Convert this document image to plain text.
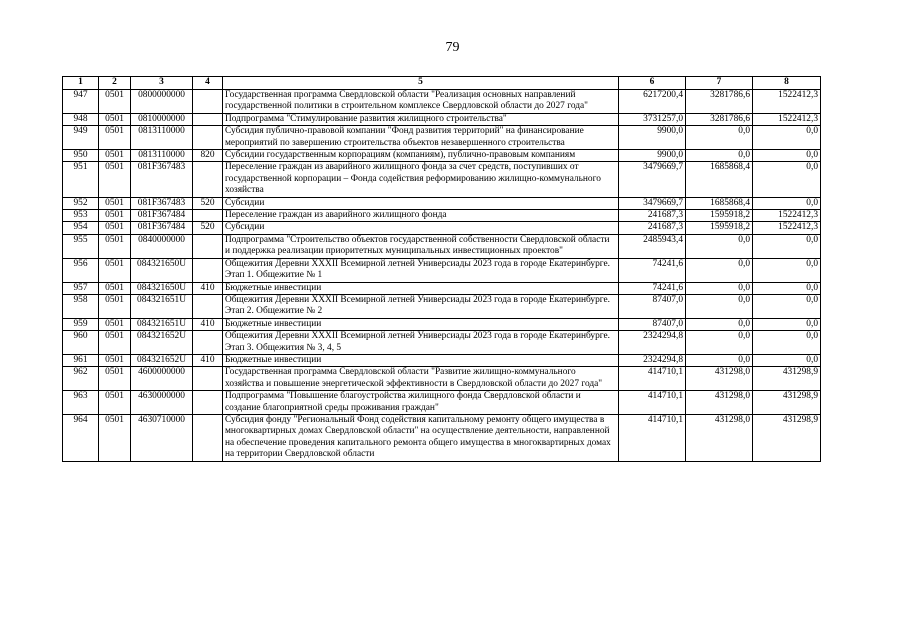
79
1	2	3	4	5	6	7	8
947	0501	0800000000		Государственная программа Свердловской области "Реализация основных направлений государственной политики в строительном комплексе Свердловской области до 2027 года"	6217200,4	3281786,6	1522412,3
948	0501	0810000000		Подпрограмма "Стимулирование развития жилищного строительства"	3731257,0	3281786,6	1522412,3
949	0501	0813110000		Субсидия публично-правовой компании "Фонд развития территорий" на финансирование мероприятий по завершению строительства объектов незавершенного строительства	9900,0	0,0	0,0
950	0501	0813110000	820	Субсидии государственным корпорациям (компаниям), публично-правовым компаниям	9900,0	0,0	0,0
951	0501	081F367483		Переселение граждан из аварийного жилищного фонда за счет средств, поступивших от государственной корпорации – Фонда содействия реформированию жилищно-коммунального хозяйства	3479669,7	1685868,4	0,0
952	0501	081F367483	520	Субсидии	3479669,7	1685868,4	0,0
953	0501	081F367484		Переселение граждан из аварийного жилищного фонда	241687,3	1595918,2	1522412,3
954	0501	081F367484	520	Субсидии	241687,3	1595918,2	1522412,3
955	0501	0840000000		Подпрограмма "Строительство объектов государственной собственности Свердловской области и поддержка реализации приоритетных муниципальных инвестиционных проектов"	2485943,4	0,0	0,0
956	0501	084321650U		Общежития Деревни XXXII Всемирной летней Универсиады 2023 года в городе Екатеринбурге. Этап 1. Общежитие № 1	74241,6	0,0	0,0
957	0501	084321650U	410	Бюджетные инвестиции	74241,6	0,0	0,0
958	0501	084321651U		Общежития Деревни XXXII Всемирной летней Универсиады 2023 года в городе Екатеринбурге. Этап 2. Общежитие № 2	87407,0	0,0	0,0
959	0501	084321651U	410	Бюджетные инвестиции	87407,0	0,0	0,0
960	0501	084321652U		Общежития Деревни XXXII Всемирной летней Универсиады 2023 года в городе Екатеринбурге. Этап 3. Общежития № 3, 4, 5	2324294,8	0,0	0,0
961	0501	084321652U	410	Бюджетные инвестиции	2324294,8	0,0	0,0
962	0501	4600000000		Государственная программа Свердловской области "Развитие жилищно-коммунального хозяйства и повышение энергетической эффективности в Свердловской области до 2027 года"	414710,1	431298,0	431298,9
963	0501	4630000000		Подпрограмма "Повышение благоустройства жилищного фонда Свердловской области и создание благоприятной среды проживания граждан"	414710,1	431298,0	431298,9
964	0501	4630710000		Субсидия фонду "Региональный Фонд содействия капитальному ремонту общего имущества в многоквартирных домах Свердловской области" на осуществление деятельности, направленной на обеспечение проведения капитального ремонта общего имущества в многоквартирных домах на территории Свердловской области	414710,1	431298,0	431298,9
